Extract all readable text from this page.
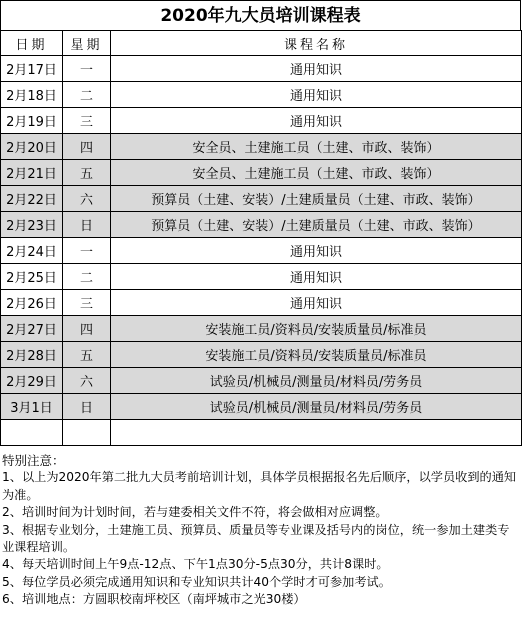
2020年九大员培训课程表
日期	星期	课程名称
2月17日	一	通用知识
2月18日	二	通用知识
2月19日	三	通用知识
2月20日	四	安全员、土建施工员（土建、市政、装饰）
2月21日	五	安全员、土建施工员（土建、市政、装饰）
2月22日	六	预算员（土建、安装）/土建质量员（土建、市政、装饰）
2月23日	日	预算员（土建、安装）/土建质量员（土建、市政、装饰）
2月24日	一	通用知识
2月25日	二	通用知识
2月26日	三	通用知识
2月27日	四	安装施工员/资料员/安装质量员/标准员
2月28日	五	安装施工员/资料员/安装质量员/标准员
2月29日	六	试验员/机械员/测量员/材料员/劳务员
3月1日	日	试验员/机械员/测量员/材料员/劳务员

特别注意：
1、以上为2020年第二批九大员考前培训计划，具体学员根据报名先后顺序，以学员收到的通知为准。
2、培训时间为计划时间，若与建委相关文件不符，将会做相对应调整。
3、根据专业划分，土建施工员、预算员、质量员等专业课及括号内的岗位，统一参加土建类专业课程培训。
4、每天培训时间上午9点-12点、下午1点30分-5点30分，共计8课时。
5、每位学员必须完成通用知识和专业知识共计40个学时才可参加考试。
6、培训地点：方圆职校南坪校区（南坪城市之光30楼）
